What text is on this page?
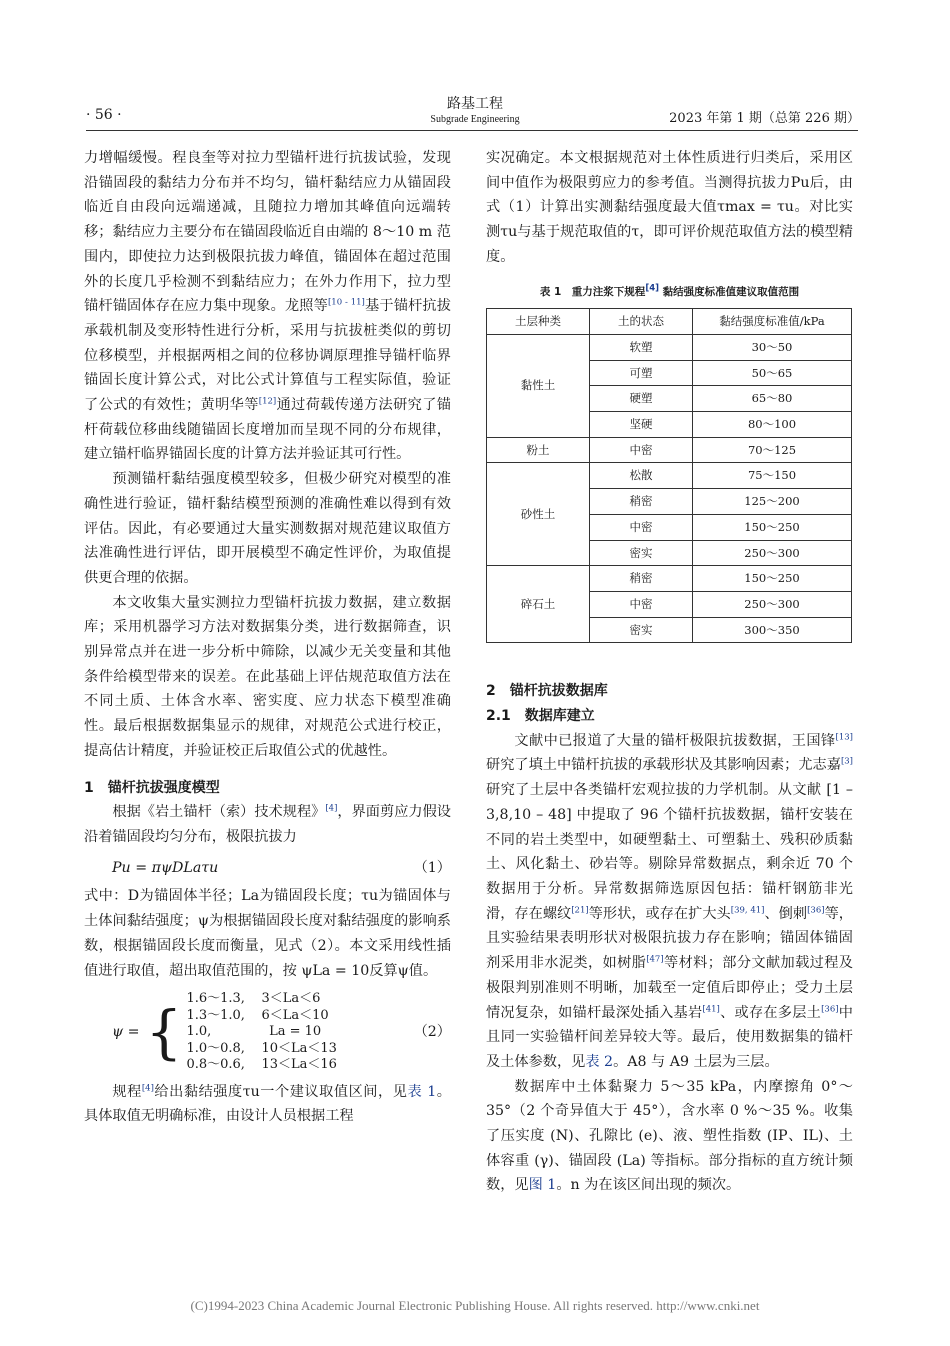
· 56 ·
路基工程
Subgrade Engineering	2023 年第 1 期（总第 226 期）

力增幅缓慢。程良奎等对拉力型锚杆进行抗拔试验，发现沿锚固段的黏结力分布并不均匀，锚杆黏结应力从锚固段临近自由段向远端递减，且随拉力增加其峰值向远端转移；黏结应力主要分布在锚固段临近自由端的 8～10 m 范围内，即使拉力达到极限抗拔力峰值，锚固体在超过范围外的长度几乎检测不到黏结应力；在外力作用下，拉力型锚杆锚固体存在应力集中现象。龙照等[10 - 11]基于锚杆抗拔承载机制及变形特性进行分析，采用与抗拔桩类似的剪切位移模型，并根据两相之间的位移协调原理推导锚杆临界锚固长度计算公式，对比公式计算值与工程实际值，验证了公式的有效性；黄明华等[12]通过荷载传递方法研究了锚杆荷载位移曲线随锚固长度增加而呈现不同的分布规律，建立锚杆临界锚固长度的计算方法并验证其可行性。

预测锚杆黏结强度模型较多，但极少研究对模型的准确性进行验证，锚杆黏结模型预测的准确性难以得到有效评估。因此，有必要通过大量实测数据对规范建议取值方法准确性进行评估，即开展模型不确定性评价，为取值提供更合理的依据。

本文收集大量实测拉力型锚杆抗拔力数据，建立数据库；采用机器学习方法对数据集分类，进行数据筛查，识别异常点并在进一步分析中筛除，以减少无关变量和其他条件给模型带来的误差。在此基础上评估规范取值方法在不同土质、土体含水率、密实度、应力状态下模型准确性。最后根据数据集显示的规律，对规范公式进行校正，提高估计精度，并验证校正后取值公式的优越性。

1　锚杆抗拔强度模型

根据《岩土锚杆（索）技术规程》[4]，界面剪应力假设沿着锚固段均匀分布，极限抗拔力

Pu = πψDLaτu	（1）

式中：D为锚固体半径；La为锚固段长度；τu为锚固体与土体间黏结强度；ψ为根据锚固段长度对黏结强度的影响系数，根据锚固段长度而衡量，见式（2）。本文采用线性插值进行取值，超出取值范围的，按 ψLa = 10反算ψ值。

ψ = { 1.6～1.3,    3＜La＜6
1.3～1.0,    6＜La＜10
1.0,              La = 10
1.0～0.8,    10＜La＜13
0.8～0.6,    13＜La＜16
（2）

规程[4]给出黏结强度τu一个建议取值区间，见表 1。具体取值无明确标准，由设计人员根据工程

实况确定。本文根据规范对土体性质进行归类后，采用区间中值作为极限剪应力的参考值。当测得抗拔力Pu后，由式（1）计算出实测黏结强度最大值τmax = τu。对比实测τu与基于规范取值的τ，即可评价规范取值方法的模型精度。

表 1　重力注浆下规程[4] 黏结强度标准值建议取值范围
土层种类	土的状态	黏结强度标准值/kPa
黏性土	软塑	30～50
	可塑	50～65
	硬塑	65～80
	坚硬	80～100
粉土	中密	70～125
砂性土	松散	75～150
	稍密	125～200
	中密	150～250
	密实	250～300
碎石土	稍密	150～250
	中密	250～300
	密实	300～350

2　锚杆抗拔数据库

2.1　数据库建立

文献中已报道了大量的锚杆极限抗拔数据，王国锋[13]研究了填土中锚杆抗拔的承载形状及其影响因素；尤志嘉[3]研究了土层中各类锚杆宏观拉拔的力学机制。从文献 [1 – 3,8,10 – 48] 中提取了 96 个锚杆抗拔数据，锚杆安装在不同的岩土类型中，如硬塑黏土、可塑黏土、残积砂质黏土、风化黏土、砂岩等。剔除异常数据点，剩余近 70 个数据用于分析。异常数据筛选原因包括：锚杆钢筋非光滑，存在螺纹[21]等形状，或存在扩大头[39, 41]、倒刺[36]等，且实验结果表明形状对极限抗拔力存在影响；锚固体锚固剂采用非水泥类，如树脂[47]等材料；部分文献加载过程及极限判别准则不明晰，加载至一定值后即停止；受力土层情况复杂，如锚杆最深处插入基岩[41]、或存在多层土[36]中且同一实验锚杆间差异较大等。最后，使用数据集的锚杆及土体参数，见表 2。A8 与 A9 土层为三层。

数据库中土体黏聚力 5～35 kPa，内摩擦角 0°～35°（2 个奇异值大于 45°），含水率 0 %～35 %。收集了压实度 (N)、孔隙比 (e)、液、塑性指数 (IP、IL)、土体容重 (γ)、锚固段 (La) 等指标。部分指标的直方统计频数，见图 1。n 为在该区间出现的频次。

(C)1994-2023 China Academic Journal Electronic Publishing House. All rights reserved. http://www.cnki.net
